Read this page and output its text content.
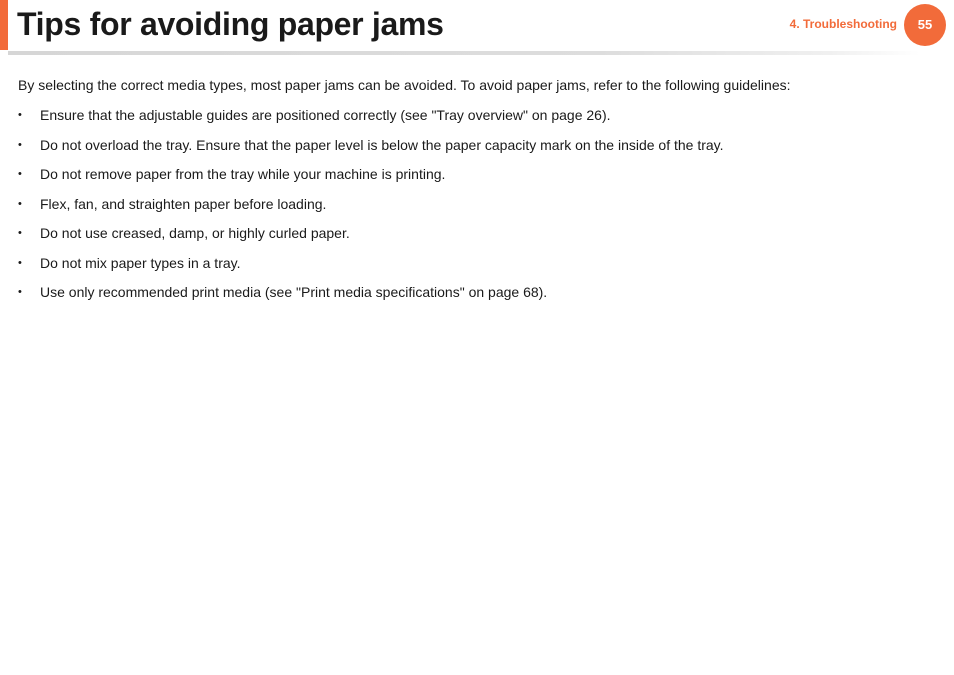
Tips for avoiding paper jams	4. Troubleshooting	55

By selecting the correct media types, most paper jams can be avoided. To avoid paper jams, refer to the following guidelines:

• Ensure that the adjustable guides are positioned correctly (see "Tray overview" on page 26).
• Do not overload the tray. Ensure that the paper level is below the paper capacity mark on the inside of the tray.
• Do not remove paper from the tray while your machine is printing.
• Flex, fan, and straighten paper before loading.
• Do not use creased, damp, or highly curled paper.
• Do not mix paper types in a tray.
• Use only recommended print media (see "Print media specifications" on page 68).
